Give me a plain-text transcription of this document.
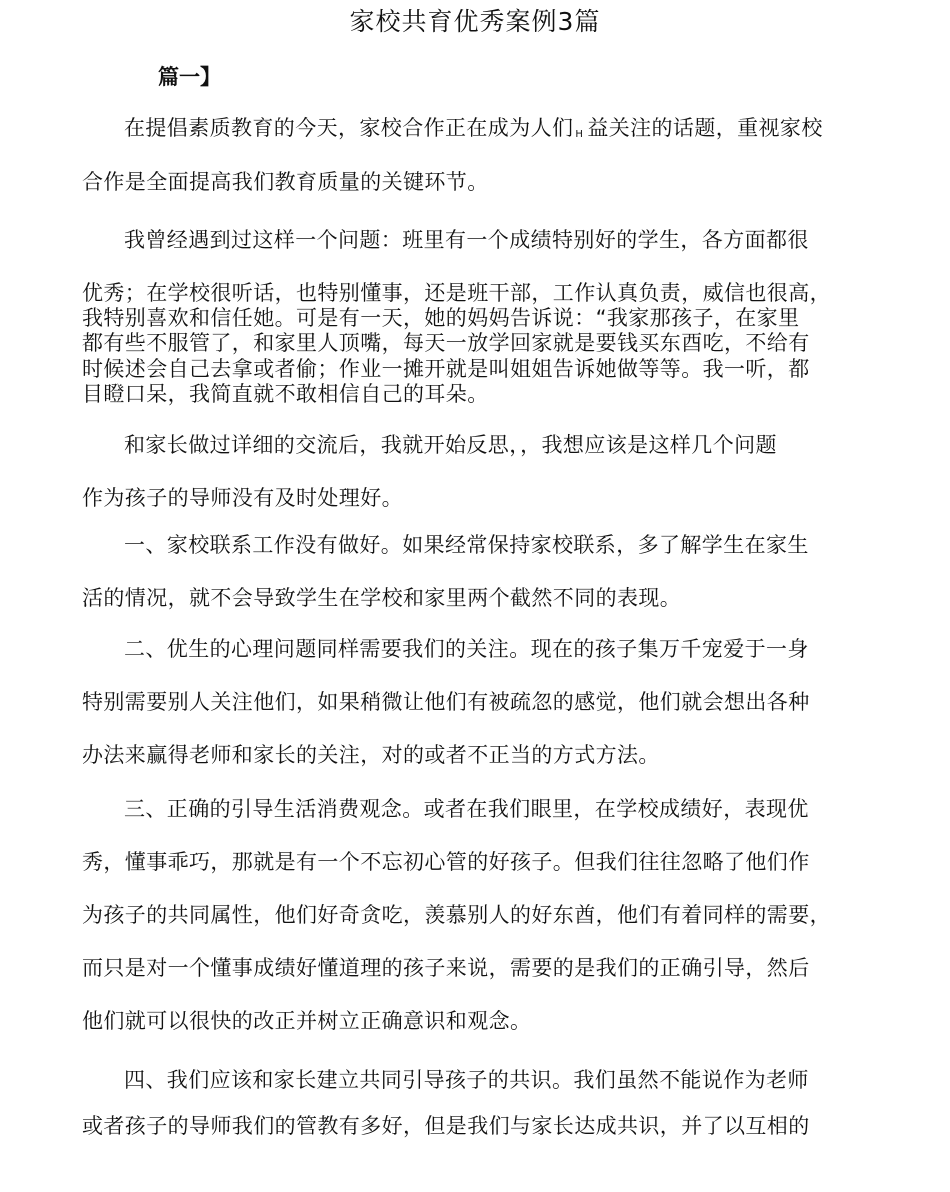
家校共育优秀案例3篇
篇一】
在提倡素质教育的今天，家校合作正在成为人们 H 益关注的话题，重视家校
合作是全面提高我们教育质量的关键环节。
我曾经遇到过这样一个问题：班里有一个成绩特别好的学生，各方面都很
优秀；在学校很听话，也特别懂事，还是班干部，工作认真负责，威信也很高，
我特别喜欢和信任她。可是有一天，她的妈妈告诉说：“我家那孩子，在家里
都有些不服管了，和家里人顶嘴，每天一放学回家就是要钱买东酉吃，不给有
时候述会自己去拿或者偷；作业一摊开就是叫姐姐告诉她做等等。我一听，都
目瞪口呆，我简直就不敢相信自己的耳朵。
和家长做过详细的交流后，我就开始反思，，我想应该是这样几个问题
作为孩子的导师没有及时处理好。
一、家校联系工作没有做好。如果经常保持家校联系，多了解学生在家生
活的情况，就不会导致学生在学校和家里两个截然不同的表现。
二、优生的心理问题同样需要我们的关注。现在的孩子集万千宠爱于一身
特别需要别人关注他们，如果稍微让他们有被疏忽的感觉，他们就会想出各种
办法来赢得老师和家长的关注，对的或者不正当的方式方法。
三、正确的引导生活消费观念。或者在我们眼里，在学校成绩好，表现优
秀，懂事乖巧，那就是有一个不忘初心管的好孩子。但我们往往忽略了他们作
为孩子的共同属性，他们好奇贪吃，羡慕别人的好东酋，他们有着同样的需要，
而只是对一个懂事成绩好懂道理的孩子来说，需要的是我们的正确引导，然后
他们就可以很快的改正并树立正确意识和观念。
四、我们应该和家长建立共同引导孩子的共识。我们虽然不能说作为老师
或者孩子的导师我们的管教有多好，但是我们与家长达成共识，并了以互相的
